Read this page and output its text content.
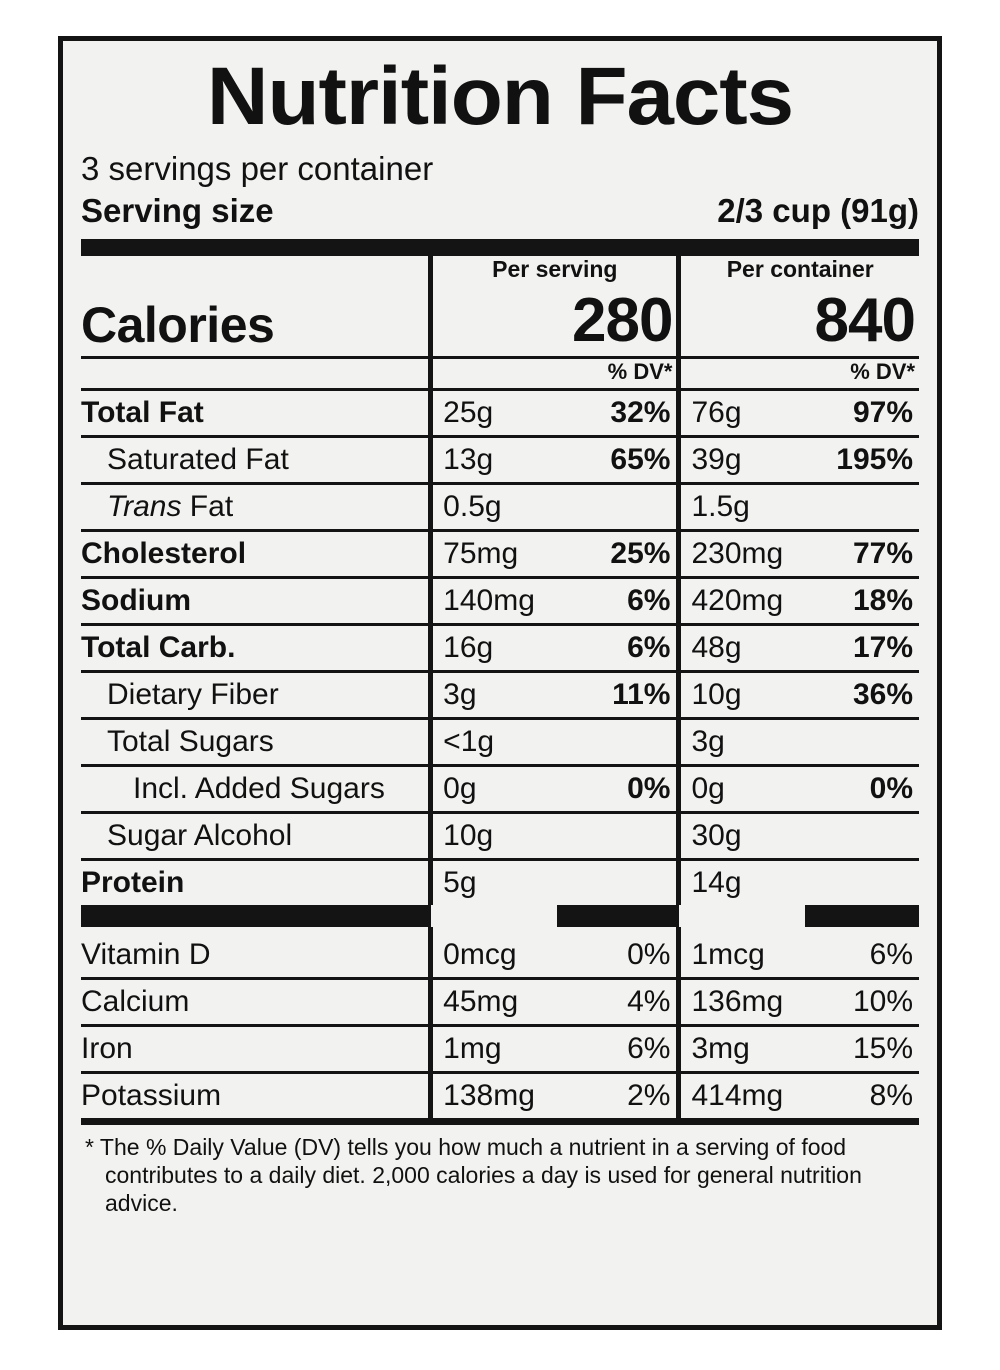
Nutrition Facts
3 servings per container
Serving size	2/3 cup (91g)
	Per serving		Per container	
Calories	280		840	

		% DV*		% DV*

Total Fat	25g	32%	76g	97%

Saturated Fat	13g	65%	39g	195%

Trans Fat	0.5g		1.5g	

Cholesterol	75mg	25%	230mg	77%

Sodium	140mg	6%	420mg	18%

Total Carb.	16g	6%	48g	17%

Dietary Fiber	3g	11%	10g	36%

Total Sugars	<1g		3g	

Incl. Added Sugars	0g	0%	0g	0%

Sugar Alcohol	10g		30g	

Protein	5g		14g	

Vitamin D	0mcg	0%	1mcg	6%

Calcium	45mg	4%	136mg	10%

Iron	1mg	6%	3mg	15%

Potassium	138mg	2%	414mg	8%
* The % Daily Value (DV) tells you how much a nutrient in a serving of food
contributes to a daily diet. 2,000 calories a day is used for general nutrition advice.
